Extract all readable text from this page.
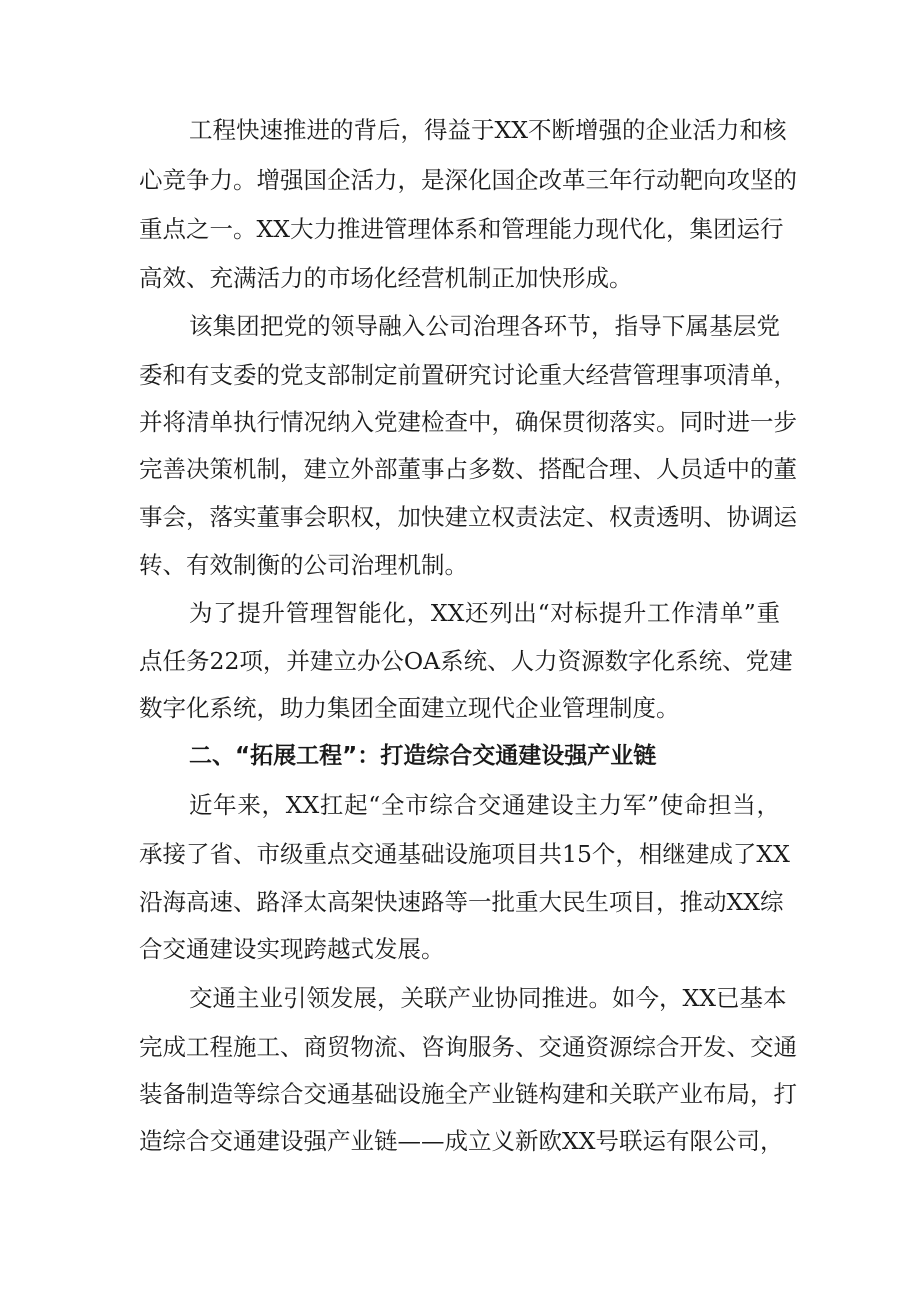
工程快速推进的背后，得益于XX不断增强的企业活力和核

心竞争力。增强国企活力，是深化国企改革三年行动靶向攻坚的

重点之一。XX大力推进管理体系和管理能力现代化，集团运行

高效、充满活力的市场化经营机制正加快形成。

该集团把党的领导融入公司治理各环节，指导下属基层党

委和有支委的党支部制定前置研究讨论重大经营管理事项清单，

并将清单执行情况纳入党建检查中，确保贯彻落实。同时进一步

完善决策机制，建立外部董事占多数、搭配合理、人员适中的董

事会，落实董事会职权，加快建立权责法定、权责透明、协调运

转、有效制衡的公司治理机制。

为了提升管理智能化，XX还列出“对标提升工作清单”重

点任务22项，并建立办公OA系统、人力资源数字化系统、党建

数字化系统，助力集团全面建立现代企业管理制度。

二、“拓展工程”：打造综合交通建设强产业链

近年来，XX扛起“全市综合交通建设主力军”使命担当，

承接了省、市级重点交通基础设施项目共15个，相继建成了XX

沿海高速、路泽太高架快速路等一批重大民生项目，推动XX综

合交通建设实现跨越式发展。

交通主业引领发展，关联产业协同推进。如今，XX已基本

完成工程施工、商贸物流、咨询服务、交通资源综合开发、交通

装备制造等综合交通基础设施全产业链构建和关联产业布局，打

造综合交通建设强产业链——成立义新欧XX号联运有限公司，
